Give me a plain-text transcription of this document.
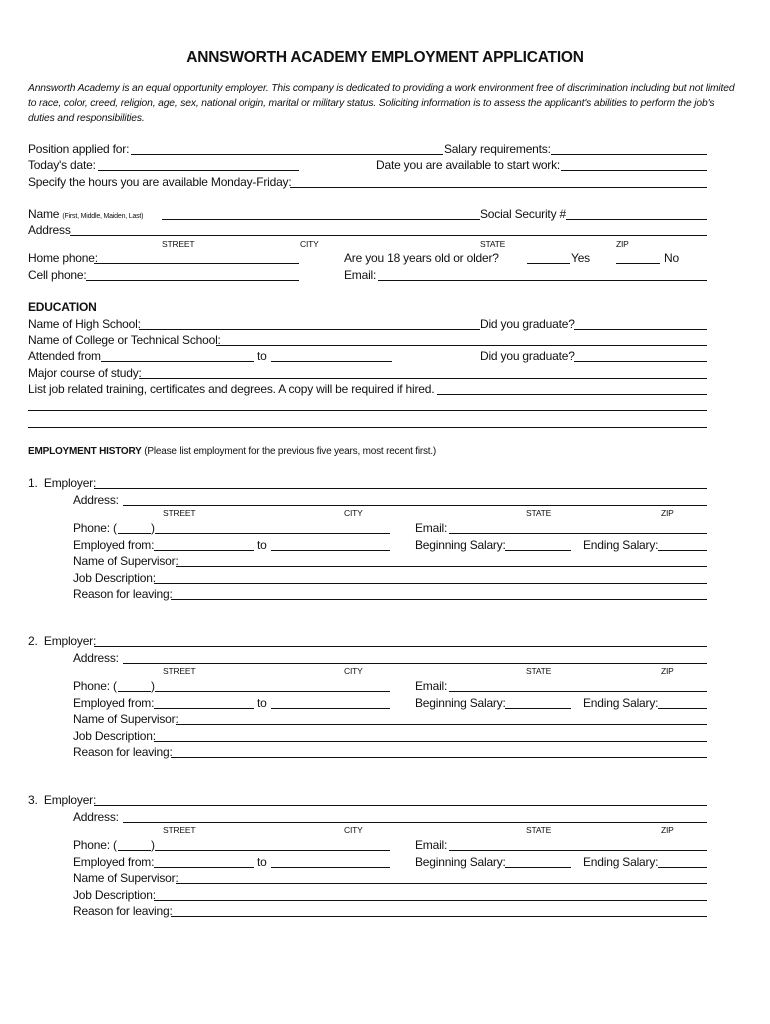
ANNSWORTH ACADEMY EMPLOYMENT APPLICATION
Annsworth Academy is an equal opportunity employer. This company is dedicated to providing a work environment free of discrimination including but not limited to race, color, creed, religion, age, sex, national origin, marital or military status. Soliciting information is to assess the applicant's abilities to perform the job's duties and responsibilities.
Position applied for:	Salary requirements:
Today's date:	Date you are available to start work:
Specify the hours you are available Monday-Friday:
Name (First, Middle, Maiden, Last)	Social Security #
Address
STREET	CITY	STATE	ZIP
Home phone:	Are you 18 years old or older?	Yes	No
Cell phone:	Email:
EDUCATION
Name of High School:	Did you graduate?
Name of College or Technical School:
Attended from	to	Did you graduate?
Major course of study:
List job related training, certificates and degrees. A copy will be required if hired.
EMPLOYMENT HISTORY (Please list employment for the previous five years, most recent first.)
1. Employer:
Address:
STREET	CITY	STATE	ZIP
Phone: (	)	Email:
Employed from:	to	Beginning Salary:	Ending Salary:
Name of Supervisor:
Job Description:
Reason for leaving:
2. Employer:
Address:
STREET	CITY	STATE	ZIP
Phone: (	)	Email:
Employed from:	to	Beginning Salary:	Ending Salary:
Name of Supervisor:
Job Description:
Reason for leaving:
3. Employer:
Address:
STREET	CITY	STATE	ZIP
Phone: (	)	Email:
Employed from:	to	Beginning Salary:	Ending Salary:
Name of Supervisor:
Job Description:
Reason for leaving:
